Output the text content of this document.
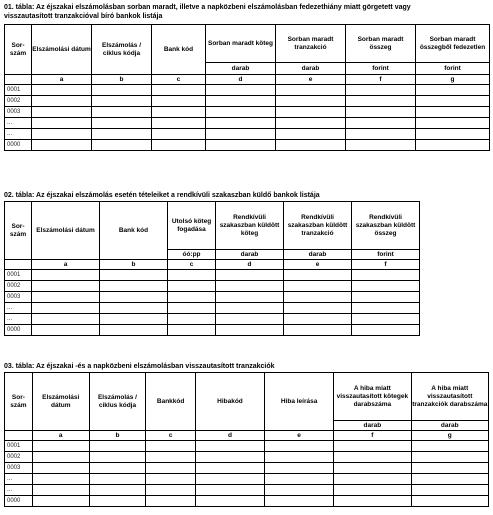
01. tábla: Az éjszakai elszámolásban sorban maradt, illetve a napközbeni elszámolásban fedezethiány miatt görgetett vagy
visszautasított tranzakcióval bíró bankok listája
Sor-szám	Elszámolási dátum	Elszámolás / ciklus kódja	Bank kód	Sorban maradt köteg	Sorban maradt tranzakció	Sorban maradt összeg	Sorban maradt összegből fedezetlen
				darab	darab	forint	forint
	a	b	c	d	e	f	g
0001							
0002							
0003							
...							
...							
0000							
02. tábla: Az éjszakai elszámolás esetén tételeiket a rendkívüli szakaszban küldő bankok listája
Sor-szám	Elszámolási dátum	Bank kód	Utolsó köteg fogadása	Rendkívüli szakaszban küldött köteg	Rendkívüli szakaszban küldött tranzakció	Rendkívüli szakaszban küldött összeg
			óó:pp	darab	darab	forint
	a	b	c	d	e	f
0001						
0002						
0003						
...						
...						
0000						
03. tábla: Az éjszakai -és a napközbeni elszámolásban visszautasított tranzakciók
Sor-szám	Elszámolási dátum	Elszámolás / ciklus kódja	Bankkód	Hibakód	Hiba leírása	A hiba miatt visszautasított kötegek darabszáma	A hiba miatt visszautasított tranzakciók darabszáma
						darab	darab
	a	b	c	d	e	f	g
0001							
0002							
0003							
...							
...							
0000							
